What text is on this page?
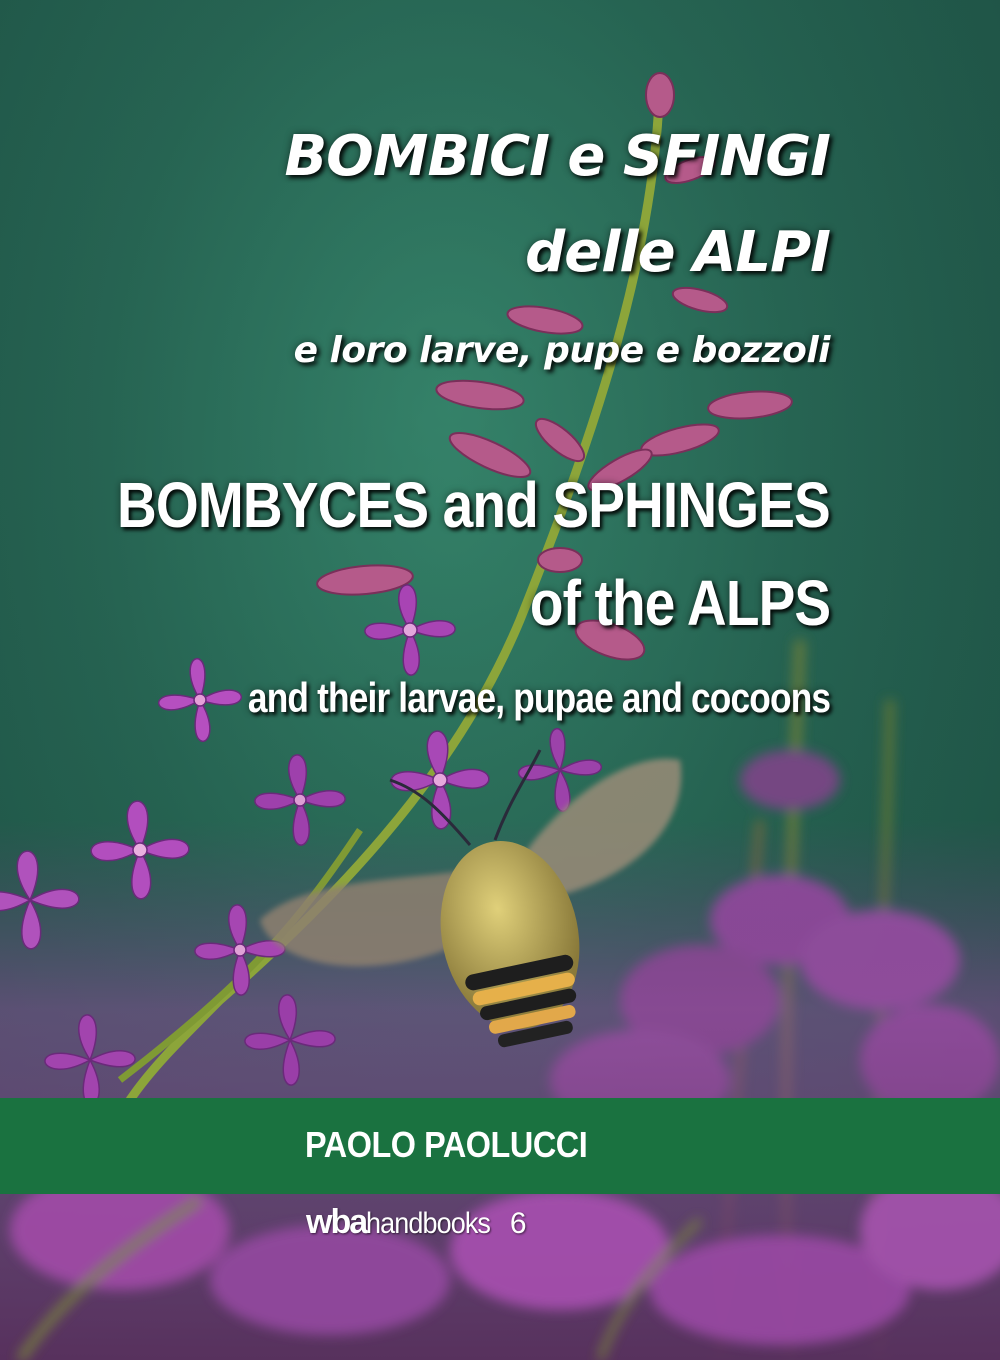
BOMBICI e SFINGI
delle ALPI
e loro larve, pupe e bozzoli
BOMBYCES and SPHINGES
of the ALPS
and their larvae, pupae and cocoons
PAOLO PAOLUCCI
wba handbooks 6
